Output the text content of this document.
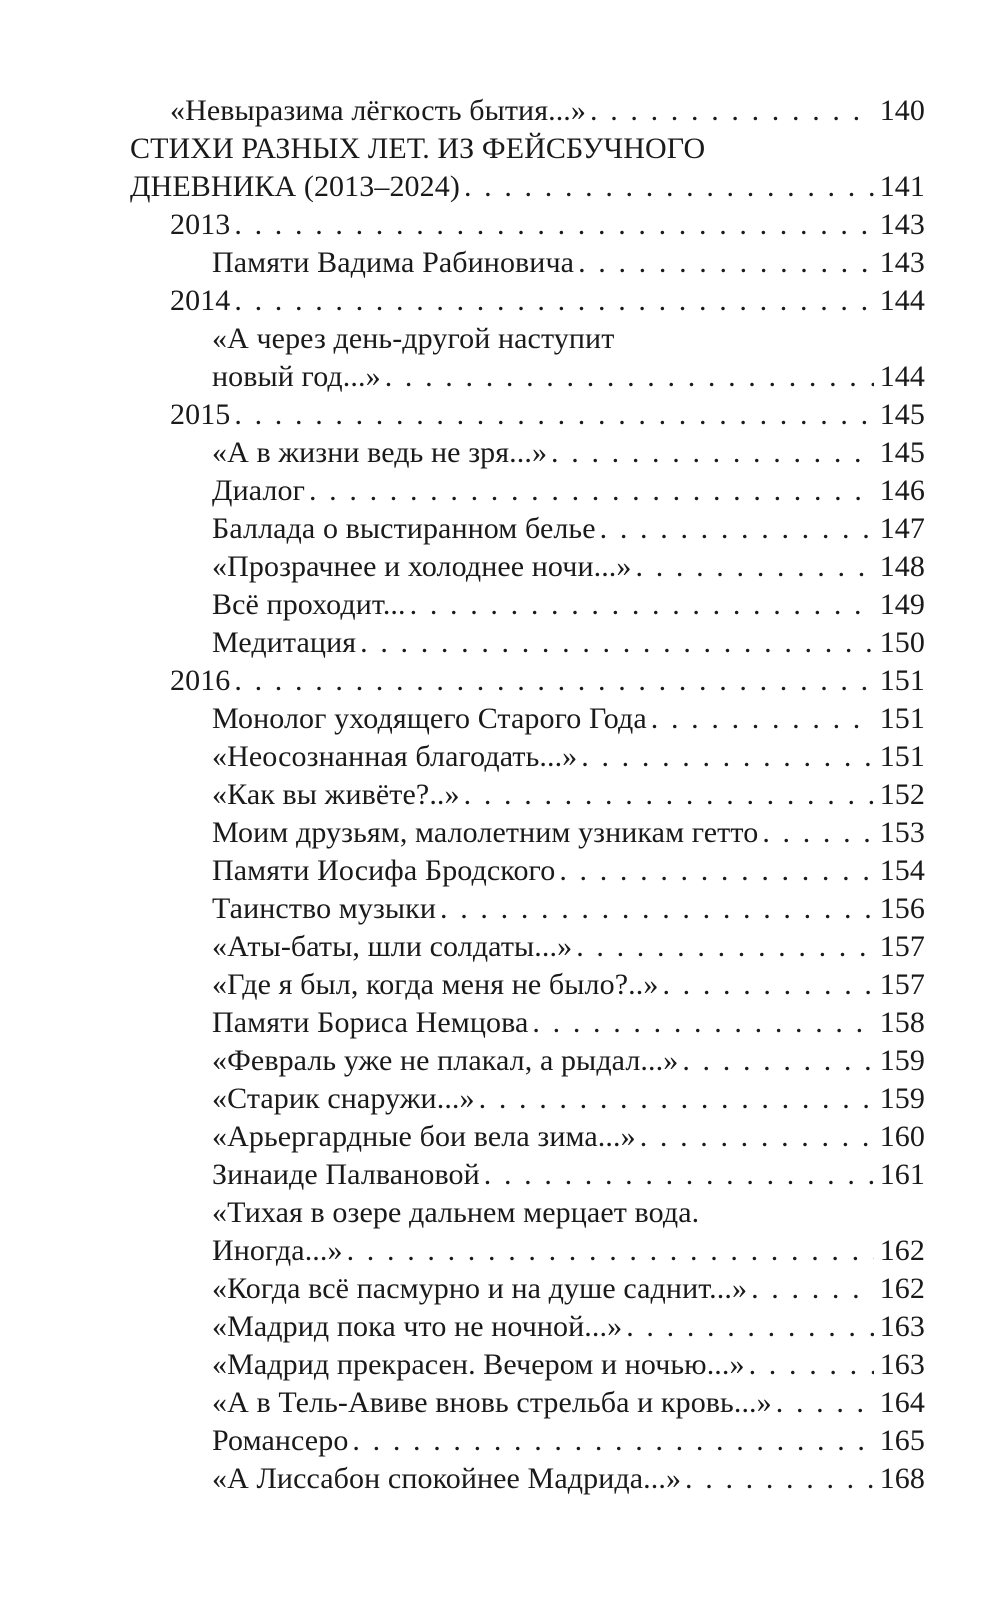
«Невыразима лёгкость бытия...» . . .	140
СТИХИ РАЗНЫХ ЛЕТ. ИЗ ФЕЙСБУЧНОГО
ДНЕВНИКА (2013–2024) . . .	141
2013 . . .	143
Памяти Вадима Рабиновича . . .	143
2014 . . .	144
«А через день-другой наступит
новый год...» . . .	144
2015 . . .	145
«А в жизни ведь не зря...» . . .	145
Диалог . . .	146
Баллада о выстиранном белье . . .	147
«Прозрачнее и холоднее ночи...» . . .	148
Всё проходит... . . .	149
Медитация . . .	150
2016 . . .	151
Монолог уходящего Старого Года . . .	151
«Неосознанная благодать...» . . .	151
«Как вы живёте?..» . . .	152
Моим друзьям, малолетним узникам гетто . . .	153
Памяти Иосифа Бродского . . .	154
Таинство музыки . . .	156
«Аты-баты, шли солдаты...» . . .	157
«Где я был, когда меня не было?..» . . .	157
Памяти Бориса Немцова . . .	158
«Февраль уже не плакал, а рыдал...» . . .	159
«Старик снаружи...» . . .	159
«Арьергардные бои вела зима...» . . .	160
Зинаиде Палвановой . . .	161
«Тихая в озере дальнем мерцает вода.
Иногда...» . . .	162
«Когда всё пасмурно и на душе саднит...» . . .	162
«Мадрид пока что не ночной...» . . .	163
«Мадрид прекрасен. Вечером и ночью...» . . .	163
«А в Тель-Авиве вновь стрельба и кровь...» . . .	164
Романсеро . . .	165
«А Лиссабон спокойнее Мадрида...» . . .	168
